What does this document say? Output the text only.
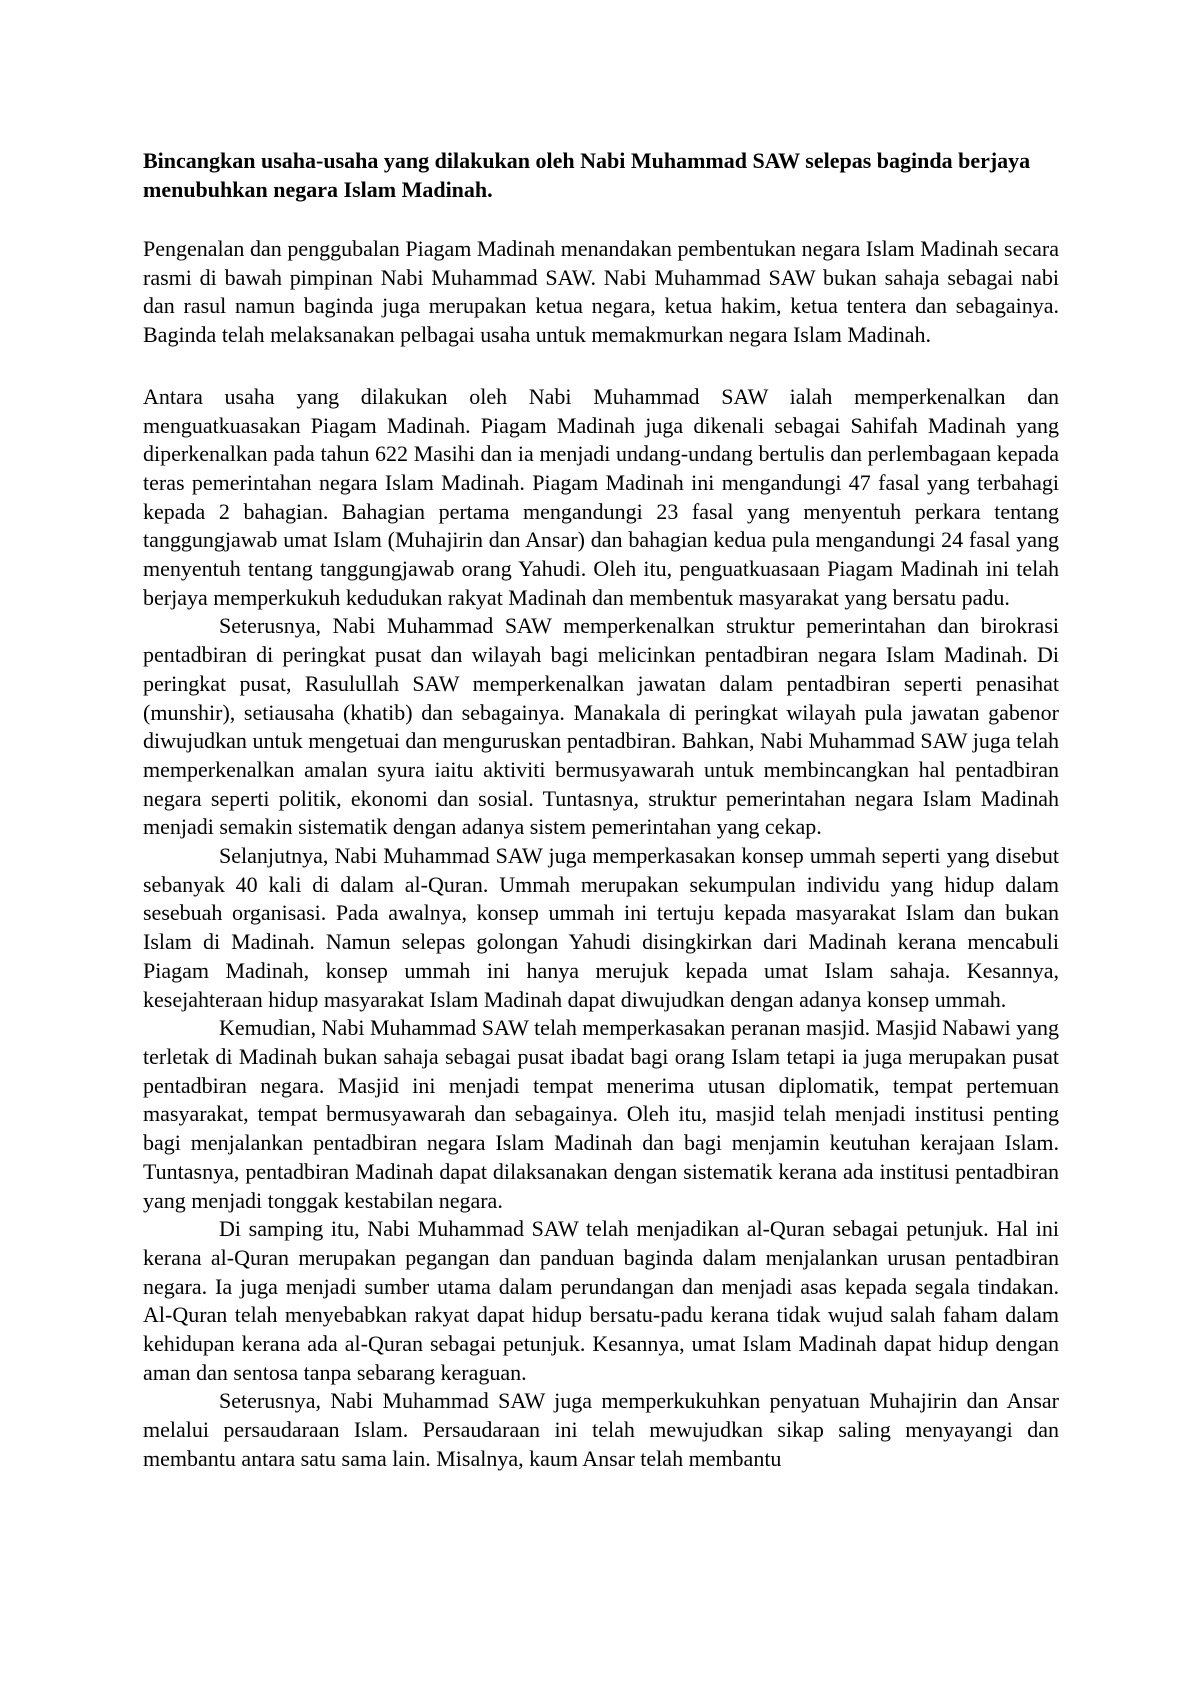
Bincangkan usaha-usaha yang dilakukan oleh Nabi Muhammad SAW selepas baginda berjaya menubuhkan negara Islam Madinah.

Pengenalan dan penggubalan Piagam Madinah menandakan pembentukan negara Islam Madinah secara rasmi di bawah pimpinan Nabi Muhammad SAW. Nabi Muhammad SAW bukan sahaja sebagai nabi dan rasul namun baginda juga merupakan ketua negara, ketua hakim, ketua tentera dan sebagainya. Baginda telah melaksanakan pelbagai usaha untuk memakmurkan negara Islam Madinah.

Antara usaha yang dilakukan oleh Nabi Muhammad SAW ialah memperkenalkan dan menguatkuasakan Piagam Madinah. Piagam Madinah juga dikenali sebagai Sahifah Madinah yang diperkenalkan pada tahun 622 Masihi dan ia menjadi undang-undang bertulis dan perlembagaan kepada teras pemerintahan negara Islam Madinah. Piagam Madinah ini mengandungi 47 fasal yang terbahagi kepada 2 bahagian. Bahagian pertama mengandungi 23 fasal yang menyentuh perkara tentang tanggungjawab umat Islam (Muhajirin dan Ansar) dan bahagian kedua pula mengandungi 24 fasal yang menyentuh tentang tanggungjawab orang Yahudi. Oleh itu, penguatkuasaan Piagam Madinah ini telah berjaya memperkukuh kedudukan rakyat Madinah dan membentuk masyarakat yang bersatu padu.

Seterusnya, Nabi Muhammad SAW memperkenalkan struktur pemerintahan dan birokrasi pentadbiran di peringkat pusat dan wilayah bagi melicinkan pentadbiran negara Islam Madinah. Di peringkat pusat, Rasulullah SAW memperkenalkan jawatan dalam pentadbiran seperti penasihat (munshir), setiausaha (khatib) dan sebagainya. Manakala di peringkat wilayah pula jawatan gabenor diwujudkan untuk mengetuai dan menguruskan pentadbiran. Bahkan, Nabi Muhammad SAW juga telah memperkenalkan amalan syura iaitu aktiviti bermusyawarah untuk membincangkan hal pentadbiran negara seperti politik, ekonomi dan sosial. Tuntasnya, struktur pemerintahan negara Islam Madinah menjadi semakin sistematik dengan adanya sistem pemerintahan yang cekap.

Selanjutnya, Nabi Muhammad SAW juga memperkasakan konsep ummah seperti yang disebut sebanyak 40 kali di dalam al-Quran. Ummah merupakan sekumpulan individu yang hidup dalam sesebuah organisasi. Pada awalnya, konsep ummah ini tertuju kepada masyarakat Islam dan bukan Islam di Madinah. Namun selepas golongan Yahudi disingkirkan dari Madinah kerana mencabuli Piagam Madinah, konsep ummah ini hanya merujuk kepada umat Islam sahaja. Kesannya, kesejahteraan hidup masyarakat Islam Madinah dapat diwujudkan dengan adanya konsep ummah.

Kemudian, Nabi Muhammad SAW telah memperkasakan peranan masjid. Masjid Nabawi yang terletak di Madinah bukan sahaja sebagai pusat ibadat bagi orang Islam tetapi ia juga merupakan pusat pentadbiran negara. Masjid ini menjadi tempat menerima utusan diplomatik, tempat pertemuan masyarakat, tempat bermusyawarah dan sebagainya. Oleh itu, masjid telah menjadi institusi penting bagi menjalankan pentadbiran negara Islam Madinah dan bagi menjamin keutuhan kerajaan Islam. Tuntasnya, pentadbiran Madinah dapat dilaksanakan dengan sistematik kerana ada institusi pentadbiran yang menjadi tonggak kestabilan negara.

Di samping itu, Nabi Muhammad SAW telah menjadikan al-Quran sebagai petunjuk. Hal ini kerana al-Quran merupakan pegangan dan panduan baginda dalam menjalankan urusan pentadbiran negara. Ia juga menjadi sumber utama dalam perundangan dan menjadi asas kepada segala tindakan. Al-Quran telah menyebabkan rakyat dapat hidup bersatu-padu kerana tidak wujud salah faham dalam kehidupan kerana ada al-Quran sebagai petunjuk. Kesannya, umat Islam Madinah dapat hidup dengan aman dan sentosa tanpa sebarang keraguan.

Seterusnya, Nabi Muhammad SAW juga memperkukuhkan penyatuan Muhajirin dan Ansar melalui persaudaraan Islam. Persaudaraan ini telah mewujudkan sikap saling menyayangi dan membantu antara satu sama lain. Misalnya, kaum Ansar telah membantu
